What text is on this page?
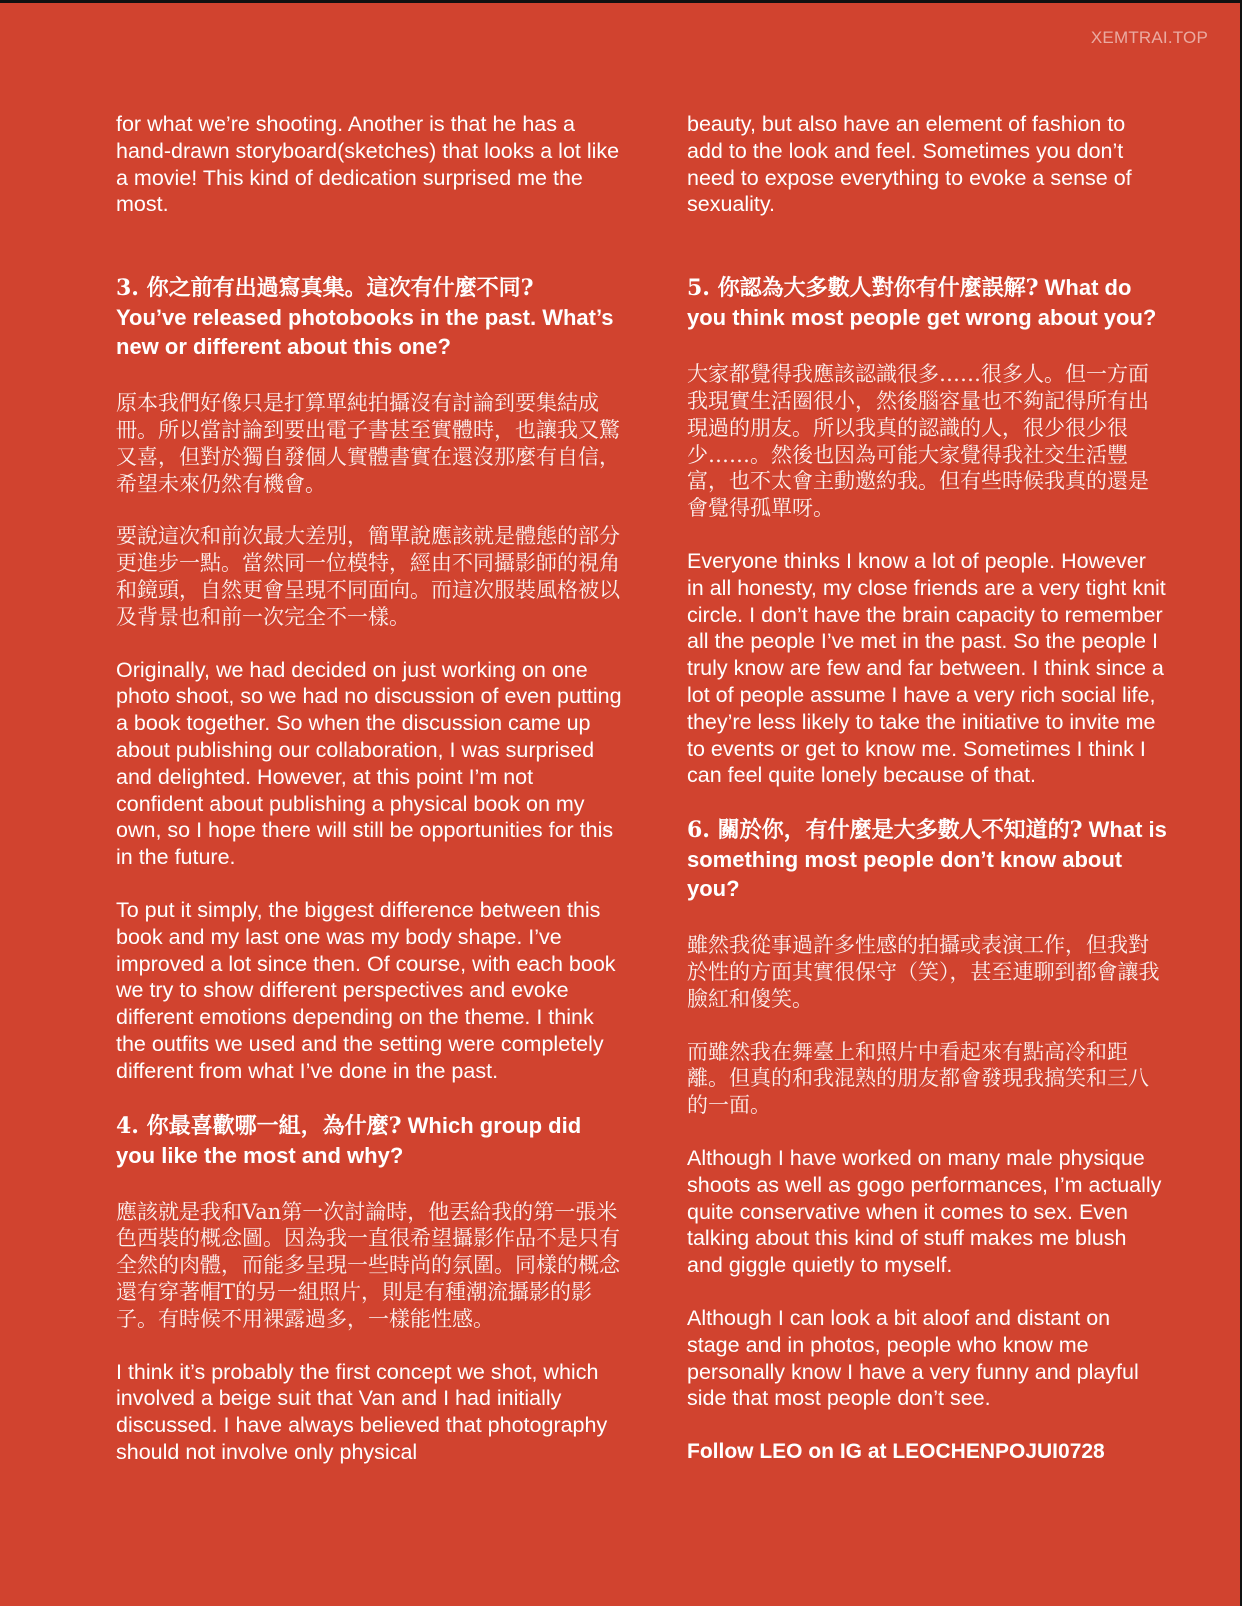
XEMTRAI.TOP

for what we’re shooting. Another is that he has a hand-drawn storyboard(sketches) that looks a lot like a movie! This kind of dedication surprised me the most.

3. 你之前有出過寫真集。這次有什麼不同?
You’ve released photobooks in the past. What’s new or different about this one?

原本我們好像只是打算單純拍攝沒有討論到要集結成冊。所以當討論到要出電子書甚至實體時，也讓我又驚又喜，但對於獨自發個人實體書實在還沒那麼有自信，希望未來仍然有機會。

要說這次和前次最大差別，簡單說應該就是體態的部分更進步一點。當然同一位模特，經由不同攝影師的視角和鏡頭，自然更會呈現不同面向。而這次服裝風格被以及背景也和前一次完全不一樣。

Originally, we had decided on just working on one photo shoot, so we had no discussion of even putting a book together. So when the discussion came up about publishing our collaboration, I was surprised and delighted. However, at this point I’m not confident about publishing a physical book on my own, so I hope there will still be opportunities for this in the future.

To put it simply, the biggest difference between this book and my last one was my body shape. I’ve improved a lot since then. Of course, with each book we try to show different perspectives and evoke different emotions depending on the theme. I think the outfits we used and the setting were completely different from what I’ve done in the past.

4. 你最喜歡哪一組，為什麼? Which group did you like the most and why?

應該就是我和Van第一次討論時，他丟給我的第一張米色西裝的概念圖。因為我一直很希望攝影作品不是只有全然的肉體，而能多呈現一些時尚的氛圍。同樣的概念還有穿著帽T的另一組照片，則是有種潮流攝影的影子。有時候不用裸露過多，一樣能性感。

I think it’s probably the first concept we shot, which involved a beige suit that Van and I had initially discussed. I have always believed that photography should not involve only physical

beauty, but also have an element of fashion to add to the look and feel. Sometimes you don’t need to expose everything to evoke a sense of sexuality.

5. 你認為大多數人對你有什麼誤解? What do you think most people get wrong about you?

大家都覺得我應該認識很多……很多人。但一方面我現實生活圈很小，然後腦容量也不夠記得所有出現過的朋友。所以我真的認識的人，很少很少很少……。然後也因為可能大家覺得我社交生活豐富，也不太會主動邀約我。但有些時候我真的還是會覺得孤單呀。

Everyone thinks I know a lot of people. However in all honesty, my close friends are a very tight knit circle. I don’t have the brain capacity to remember all the people I’ve met in the past. So the people I truly know are few and far between. I think since a lot of people assume I have a very rich social life, they’re less likely to take the initiative to invite me to events or get to know me. Sometimes I think I can feel quite lonely because of that.

6. 關於你，有什麼是大多數人不知道的? What is something most people don’t know about you?

雖然我從事過許多性感的拍攝或表演工作，但我對於性的方面其實很保守（笑），甚至連聊到都會讓我臉紅和傻笑。

而雖然我在舞臺上和照片中看起來有點高冷和距離。但真的和我混熟的朋友都會發現我搞笑和三八的一面。

Although I have worked on many male physique shoots as well as gogo performances, I’m actually quite conservative when it comes to sex. Even talking about this kind of stuff makes me blush and giggle quietly to myself.

Although I can look a bit aloof and distant on stage and in photos, people who know me personally know I have a very funny and playful side that most people don’t see.

Follow LEO on IG at LEOCHENPOJUI0728
